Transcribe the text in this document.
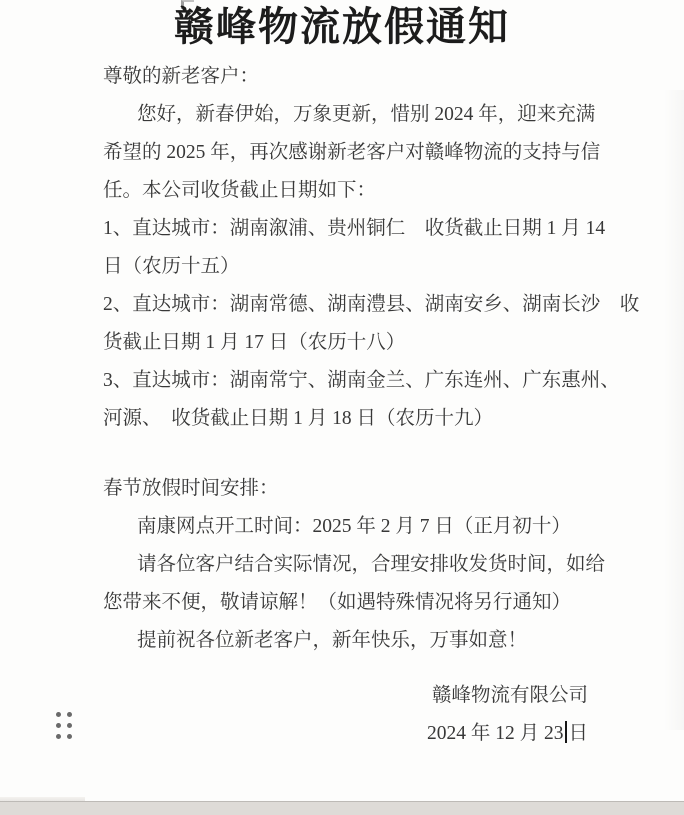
赣峰物流放假通知
尊敬的新老客户：
您好，新春伊始，万象更新，惜别 2024 年，迎来充满
希望的 2025 年，再次感谢新老客户对赣峰物流的支持与信
任。本公司收货截止日期如下：
1、直达城市：湖南溆浦、贵州铜仁　收货截止日期 1 月 14
日（农历十五）
2、直达城市：湖南常德、湖南澧县、湖南安乡、湖南长沙　收
货截止日期 1 月 17 日（农历十八）
3、直达城市：湖南常宁、湖南金兰、广东连州、广东惠州、
河源、　收货截止日期 1 月 18 日（农历十九）
春节放假时间安排：
南康网点开工时间：2025 年 2 月 7 日（正月初十）
请各位客户结合实际情况，合理安排收发货时间，如给
您带来不便，敬请谅解！（如遇特殊情况将另行通知）
提前祝各位新老客户，新年快乐，万事如意！
赣峰物流有限公司
2024 年 12 月 23 日
